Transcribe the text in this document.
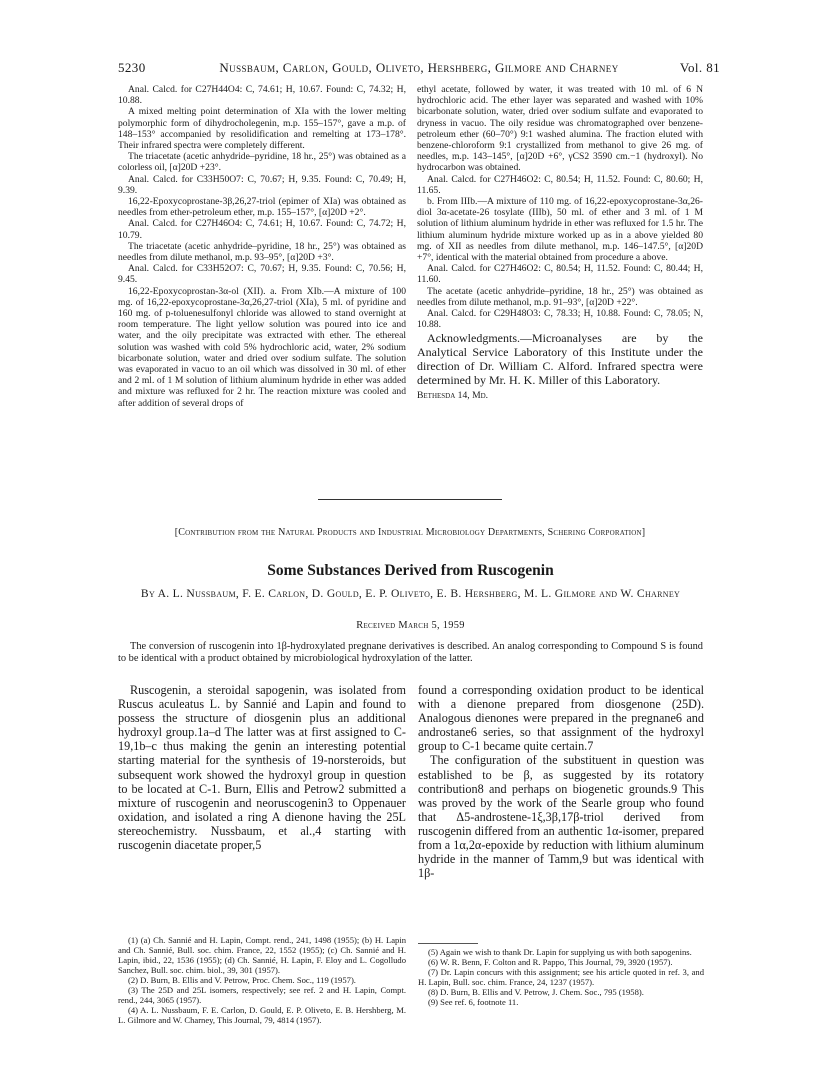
5230	Nussbaum, Carlon, Gould, Oliveto, Hershberg, Gilmore and Charney	Vol. 81

Anal. Calcd. for C27H44O4: C, 74.61; H, 10.67. Found: C, 74.32; H, 10.88.

A mixed melting point determination of XIa with the lower melting polymorphic form of dihydrocholegenin, m.p. 155–157°, gave a m.p. of 148–153° accompanied by resolidification and remelting at 173–178°. Their infrared spectra were completely different.

The triacetate (acetic anhydride–pyridine, 18 hr., 25°) was obtained as a colorless oil, [α]20D +23°.

Anal. Calcd. for C33H50O7: C, 70.67; H, 9.35. Found: C, 70.49; H, 9.39.

16,22-Epoxycoprostane-3β,26,27-triol (epimer of XIa) was obtained as needles from ether-petroleum ether, m.p. 155–157°, [α]20D +2°.

Anal. Calcd. for C27H46O4: C, 74.61; H, 10.67. Found: C, 74.72; H, 10.79.

The triacetate (acetic anhydride–pyridine, 18 hr., 25°) was obtained as needles from dilute methanol, m.p. 93–95°, [α]20D +3°.

Anal. Calcd. for C33H52O7: C, 70.67; H, 9.35. Found: C, 70.56; H, 9.45.

16,22-Epoxycoprostan-3α-ol (XII). a. From XIb.—A mixture of 100 mg. of 16,22-epoxycoprostane-3α,26,27-triol (XIa), 5 ml. of pyridine and 160 mg. of p-toluenesulfonyl chloride was allowed to stand overnight at room temperature. The light yellow solution was poured into ice and water, and the oily precipitate was extracted with ether. The ethereal solution was washed with cold 5% hydrochloric acid, water, 2% sodium bicarbonate solution, water and dried over sodium sulfate. The solution was evaporated in vacuo to an oil which was dissolved in 30 ml. of ether and 2 ml. of 1 M solution of lithium aluminum hydride in ether was added and mixture was refluxed for 2 hr. The reaction mixture was cooled and after addition of several drops of

ethyl acetate, followed by water, it was treated with 10 ml. of 6 N hydrochloric acid. The ether layer was separated and washed with 10% bicarbonate solution, water, dried over sodium sulfate and evaporated to dryness in vacuo. The oily residue was chromatographed over benzene-petroleum ether (60–70°) 9:1 washed alumina. The fraction eluted with benzene-chloroform 9:1 crystallized from methanol to give 26 mg. of needles, m.p. 143–145°, [α]20D +6°, γCS2 3590 cm.−1 (hydroxyl). No hydrocarbon was obtained.

Anal. Calcd. for C27H46O2: C, 80.54; H, 11.52. Found: C, 80.60; H, 11.65.

b. From IIIb.—A mixture of 110 mg. of 16,22-epoxycoprostane-3α,26-diol 3α-acetate-26 tosylate (IIIb), 50 ml. of ether and 3 ml. of 1 M solution of lithium aluminum hydride in ether was refluxed for 1.5 hr. The lithium aluminum hydride mixture worked up as in a above yielded 80 mg. of XII as needles from dilute methanol, m.p. 146–147.5°, [α]20D +7°, identical with the material obtained from procedure a above.

Anal. Calcd. for C27H46O2: C, 80.54; H, 11.52. Found: C, 80.44; H, 11.60.

The acetate (acetic anhydride–pyridine, 18 hr., 25°) was obtained as needles from dilute methanol, m.p. 91–93°, [α]20D +22°.

Anal. Calcd. for C29H48O3: C, 78.33; H, 10.88. Found: C, 78.05; N, 10.88.

Acknowledgments.—Microanalyses are by the Analytical Service Laboratory of this Institute under the direction of Dr. William C. Alford. Infrared spectra were determined by Mr. H. K. Miller of this Laboratory.

Bethesda 14, Md.

[Contribution from the Natural Products and Industrial Microbiology Departments, Schering Corporation]
Some Substances Derived from Ruscogenin
By A. L. Nussbaum, F. E. Carlon, D. Gould, E. P. Oliveto, E. B. Hershberg, M. L. Gilmore and W. Charney
Received March 5, 1959
The conversion of ruscogenin into 1β-hydroxylated pregnane derivatives is described. An analog corresponding to Compound S is found to be identical with a product obtained by microbiological hydroxylation of the latter.

Ruscogenin, a steroidal sapogenin, was isolated from Ruscus aculeatus L. by Sannié and Lapin and found to possess the structure of diosgenin plus an additional hydroxyl group.1a–d The latter was at first assigned to C-19,1b–c thus making the genin an interesting potential starting material for the synthesis of 19-norsteroids, but subsequent work showed the hydroxyl group in question to be located at C-1. Burn, Ellis and Petrow2 submitted a mixture of ruscogenin and neoruscogenin3 to Oppenauer oxidation, and isolated a ring A dienone having the 25L stereochemistry. Nussbaum, et al.,4 starting with ruscogenin diacetate proper,5

found a corresponding oxidation product to be identical with a dienone prepared from diosgenone (25D). Analogous dienones were prepared in the pregnane6 and androstane6 series, so that assignment of the hydroxyl group to C-1 became quite certain.7

The configuration of the substituent in question was established to be β, as suggested by its rotatory contribution8 and perhaps on biogenetic grounds.9 This was proved by the work of the Searle group who found that Δ5-androstene-1ξ,3β,17β-triol derived from ruscogenin differed from an authentic 1α-isomer, prepared from a 1α,2α-epoxide by reduction with lithium aluminum hydride in the manner of Tamm,9 but was identical with 1β-

(1) (a) Ch. Sannié and H. Lapin, Compt. rend., 241, 1498 (1955); (b) H. Lapin and Ch. Sannié, Bull. soc. chim. France, 22, 1552 (1955); (c) Ch. Sannié and H. Lapin, ibid., 22, 1536 (1955); (d) Ch. Sannié, H. Lapin, F. Eloy and L. Cogolludo Sanchez, Bull. soc. chim. biol., 39, 301 (1957).

(2) D. Burn, B. Ellis and V. Petrow, Proc. Chem. Soc., 119 (1957).

(3) The 25D and 25L isomers, respectively; see ref. 2 and H. Lapin, Compt. rend., 244, 3065 (1957).

(4) A. L. Nussbaum, F. E. Carlon, D. Gould, E. P. Oliveto, E. B. Hershberg, M. L. Gilmore and W. Charney, This Journal, 79, 4814 (1957).

(5) Again we wish to thank Dr. Lapin for supplying us with both sapogenins.

(6) W. R. Benn, F. Colton and R. Pappo, This Journal, 79, 3920 (1957).

(7) Dr. Lapin concurs with this assignment; see his article quoted in ref. 3, and H. Lapin, Bull. soc. chim. France, 24, 1237 (1957).

(8) D. Burn, B. Ellis and V. Petrow, J. Chem. Soc., 795 (1958).

(9) See ref. 6, footnote 11.
